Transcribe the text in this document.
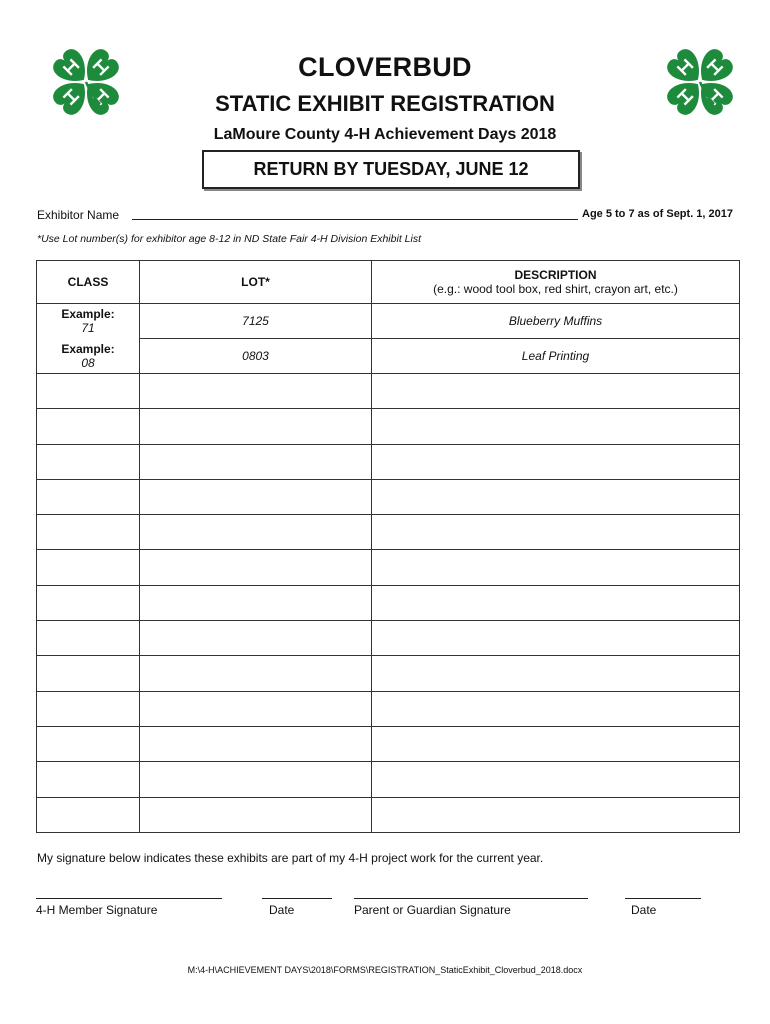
CLOVERBUD
STATIC EXHIBIT REGISTRATION
LaMoure County 4-H Achievement Days 2018
RETURN BY TUESDAY, JUNE 12
Exhibitor Name	Age 5 to 7 as of Sept. 1, 2017
*Use Lot number(s) for exhibitor age 8-12 in ND State Fair 4-H Division Exhibit List
CLASS	LOT*	DESCRIPTION
(e.g.: wood tool box, red shirt, crayon art, etc.)

Example:
71	7125	Blueberry Muffins

Example:
08	0803	Leaf Printing

My signature below indicates these exhibits are part of my 4-H project work for the current year.
4-H Member Signature	Date	Parent or Guardian Signature	Date
M:\4-H\ACHIEVEMENT DAYS\2018\FORMS\REGISTRATION_StaticExhibit_Cloverbud_2018.docx
